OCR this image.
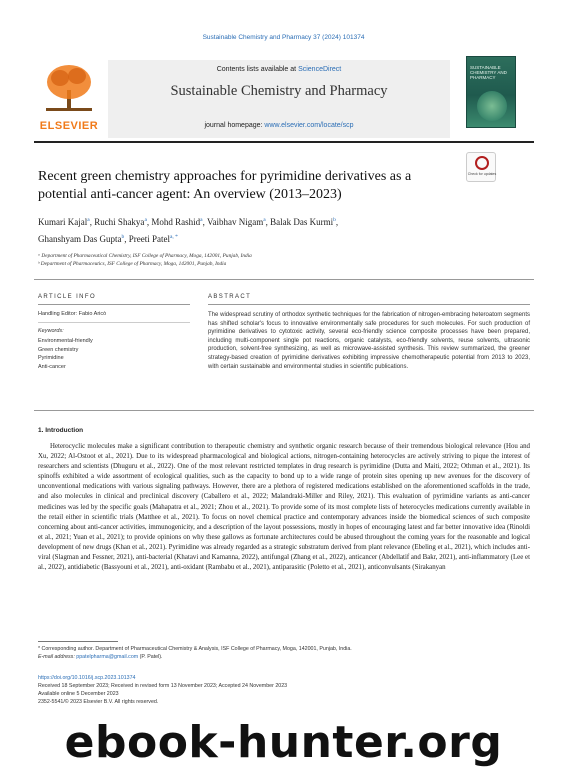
Sustainable Chemistry and Pharmacy 37 (2024) 101374
ELSEVIER
Contents lists available at ScienceDirect
Sustainable Chemistry and Pharmacy
journal homepage: www.elsevier.com/locate/scp
SUSTAINABLE CHEMISTRY AND PHARMACY
Recent green chemistry approaches for pyrimidine derivatives as a potential anti-cancer agent: An overview (2013–2023)
Check for updates
Kumari Kajal$^a$, Ruchi Shakya$^a$, Mohd Rashid$^a$, Vaibhav Nigam$^a$, Balak Das Kurmi$^b$,
Ghanshyam Das Gupta$^b$, Preeti Patel$^{a, *}$
ᵃ Department of Pharmaceutical Chemistry, ISF College of Pharmacy, Moga, 142001, Punjab, India
ᵇ Department of Pharmaceutics, ISF College of Pharmacy, Moga, 142001, Punjab, India
ARTICLE INFO
Handling Editor: Fabio Aricò
Keywords:
Environmental-friendly
Green chemistry
Pyrimidine
Anti-cancer
ABSTRACT
The widespread scrutiny of orthodox synthetic techniques for the fabrication of nitrogen-embracing heteroatom segments has shifted scholar's focus to innovative environmentally safe procedures for such molecules. For such production of pyrimidine derivatives to cytotoxic activity, several eco-friendly science composite processes have been prepared, including multi-component single pot reactions, organic catalysts, eco-friendly solvents, reuse solvents, ultrasonic production, solvent-free synthesizing, as well as microwave-assisted synthesis. This review summarized, the greener strategy-based creation of pyrimidine derivatives exhibiting impressive chemotherapeutic potential from 2013 to 2023, with certain sustainable and environmental studies in scientific publications.
1. Introduction
Heterocyclic molecules make a significant contribution to therapeutic chemistry and synthetic organic research because of their tremendous biological relevance (Hou and Xu, 2022; Al-Ostoot et al., 2021). Due to its widespread pharmacological and biological actions, nitrogen-containing heterocycles are actively striving to pique the interest of researchers and scientists (Dhuguru et al., 2022). One of the most relevant restricted templates in drug research is pyrimidine (Dutta and Maiti, 2022; Othman et al., 2021). Its spinoffs exhibited a wide assortment of ecological qualities, such as the capacity to bond up to a wide range of protein sites opening up new avenues for the discovery of unconventional medications with various signaling pathways. However, there are a plethora of registered medications established on the aforementioned scaffolds in the trade, and also molecules in clinical and preclinical discovery (Caballero et al., 2022; Malandraki-Miller and Riley, 2021). This evaluation of pyrimidine variants as anti-cancer medicines was led by the specific goals (Mahapatra et al., 2021; Zhou et al., 2021). To provide some of its most complete lists of heterocycles medications currently available in the retail either in scientific trials (Matthee et al., 2021). To focus on novel chemical practice and contemporary advances inside the biomedical sciences of such composite concerning about anti-cancer activities, immunogenicity, and a description of the layout possessions, mostly in hopes of encouraging latest and far better innovative idea (Rinoldi et al., 2021; Yuan et al., 2021); to provide opinions on why these gallows as fortunate architectures could be abused throughout the coming years for the reasonable and logical development of new drugs (Khan et al., 2021). Pyrimidine was already regarded as a strategic substratum derived from plant relevance (Ebeling et al., 2021), which includes anti-viral (Slagman and Fessner, 2021), anti-bacterial (Khatavi and Kamanna, 2022), antifungal (Zhang et al., 2022), anticancer (Abdellatif and Bakr, 2021), anti-inflammatory (Lee et al., 2022), antidiabetic (Bassyouni et al., 2021), anti-oxidant (Rambabu et al., 2021), antiparasitic (Poletto et al., 2021), anticonvulsants (Sirakanyan
* Corresponding author. Department of Pharmaceutical Chemistry & Analysis, ISF College of Pharmacy, Moga, 142001, Punjab, India.
E-mail address: ppatelpharma@gmail.com (P. Patel).
https://doi.org/10.1016/j.scp.2023.101374
Received 18 September 2023; Received in revised form 13 November 2023; Accepted 24 November 2023
Available online 5 December 2023
2352-5541/© 2023 Elsevier B.V. All rights reserved.
ebook-hunter.org
